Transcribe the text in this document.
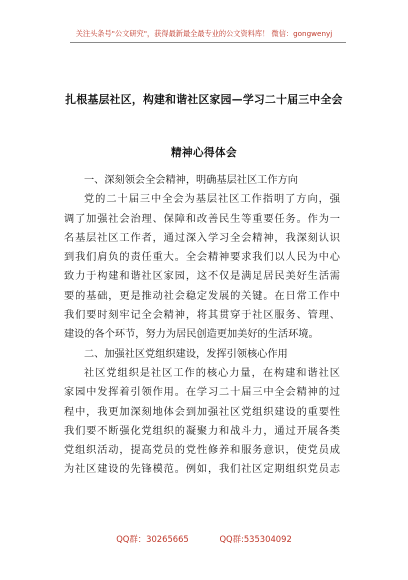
关注头条号"公文研究"，获得最新最全最专业的公文资料库！ 微信：gongwenyj
扎根基层社区，构建和谐社区家园—学习二十届三中全会
精神心得体会
一、深刻领会全会精神，明确基层社区工作方向
党的二十届三中全会为基层社区工作指明了方向，强
调了加强社会治理、保障和改善民生等重要任务。作为一
名基层社区工作者，通过深入学习全会精神，我深刻认识
到我们肩负的责任重大。全会精神要求我们以人民为中心
致力于构建和谐社区家园，这不仅是满足居民美好生活需
要的基础，更是推动社会稳定发展的关键。在日常工作中
我们要时刻牢记全会精神，将其贯穿于社区服务、管理、
建设的各个环节，努力为居民创造更加美好的生活环境。
二、加强社区党组织建设，发挥引领核心作用
社区党组织是社区工作的核心力量，在构建和谐社区
家园中发挥着引领作用。在学习二十届三中全会精神的过
程中，我更加深刻地体会到加强社区党组织建设的重要性
我们要不断强化党组织的凝聚力和战斗力，通过开展各类
党组织活动，提高党员的党性修养和服务意识，使党员成
为社区建设的先锋模范。例如，我们社区定期组织党员志
QQ群：30265665	QQ群:535304092
